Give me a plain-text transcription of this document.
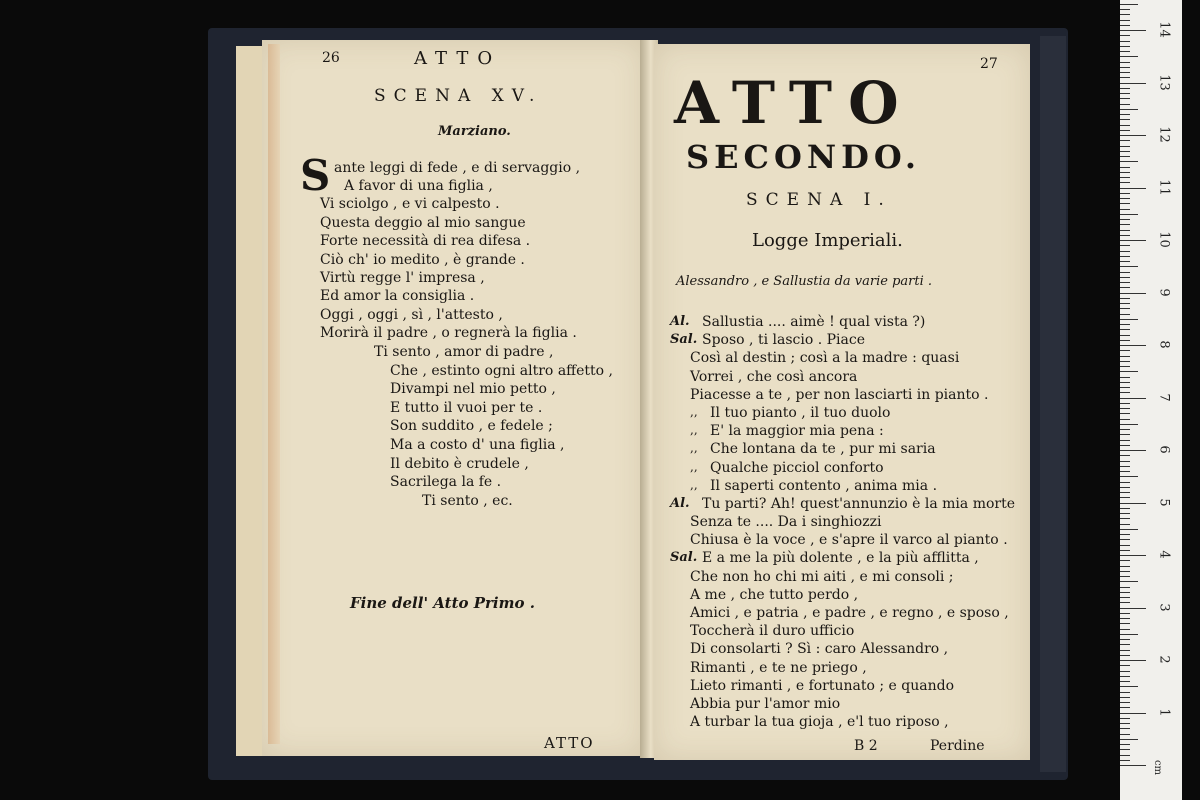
26	ATTO
SCENA XV.
Marziano.
S ante leggi di fede , e di servaggio ,
A favor di una figlia ,
Vi sciolgo , e vi calpesto .
Questa deggio al mio sangue
Forte necessità di rea difesa .
Ciò ch' io medito , è grande .
Virtù regge l' impresa ,
Ed amor la consiglia .
Oggi , oggi , sì , l'attesto ,
Morirà il padre , o regnerà la figlia .
Ti sento , amor di padre ,
Che , estinto ogni altro affetto ,
Divampi nel mio petto ,
E tutto il vuoi per te .
Son suddito , e fedele ;
Ma a costo d' una figlia ,
Il debito è crudele ,
Sacrilega la fe .
Ti sento , ec.
Fine dell' Atto Primo .
ATTO
27
ATTO
SECONDO.
SCENA I.
Logge Imperiali.
Alessandro , e Sallustia da varie parti .
Al. Sallustia .... aimè ! qual vista ?)
Sal. Sposo , ti lascio . Piace
Così al destin ; così a la madre : quasi
Vorrei , che così ancora
Piacesse a te , per non lasciarti in pianto .
,, Il tuo pianto , il tuo duolo
,, E' la maggior mia pena :
,, Che lontana da te , pur mi saria
,, Qualche picciol conforto
,, Il saperti contento , anima mia .
Al. Tu parti? Ah! quest'annunzio è la mia morte
Senza te .... Da i singhiozzi
Chiusa è la voce , e s'apre il varco al pianto .
Sal. E a me la più dolente , e la più afflitta ,
Che non ho chi mi aiti , e mi consoli ;
A me , che tutto perdo ,
Amici , e patria , e padre , e regno , e sposo ,
Toccherà il duro ufficio
Di consolarti ? Sì : caro Alessandro ,
Rimanti , e te ne priego ,
Lieto rimanti , e fortunato ; e quando
Abbia pur l'amor mio
A turbar la tua gioja , e'l tuo riposo ,
B 2	Perdine
cm
14
13
12
11
10
9
8
7
6
5
4
3
2
1
